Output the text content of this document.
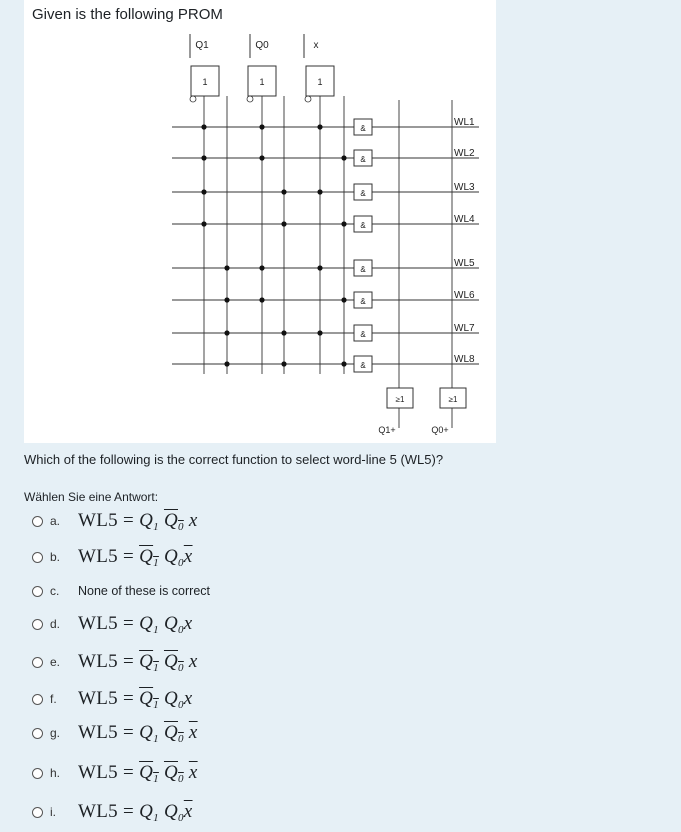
Given is the following PROM
Q1	Q0	x
1	1	1
&
WL1
&
WL2
&
WL3
&
WL4
&
WL5
&
WL6
&
WL7
&
WL8
≥1
Q1+
≥1
Q0+
Which of the following is the correct function to select word-line 5 (WL5)?
Wählen Sie eine Antwort:
a. $WL5 = Q_1$ $Q_0$ x
b. $WL5 = Q_1$ $Q_0\overline{x}$
c.	None of these is correct
d. $WL5 = Q_1$ $Q_0x$
e. $WL5 = Q_1$ $Q_0$ x
f.	$WL5 = Q_1$ $Q_0x$
g. $WL5 = Q_1$ $Q_0$ $\overline{x}$
h. $WL5 = Q_1$ $Q_0$ $\overline{x}$
i.	$WL5 = Q_1$ $Q_0\overline{x}$
